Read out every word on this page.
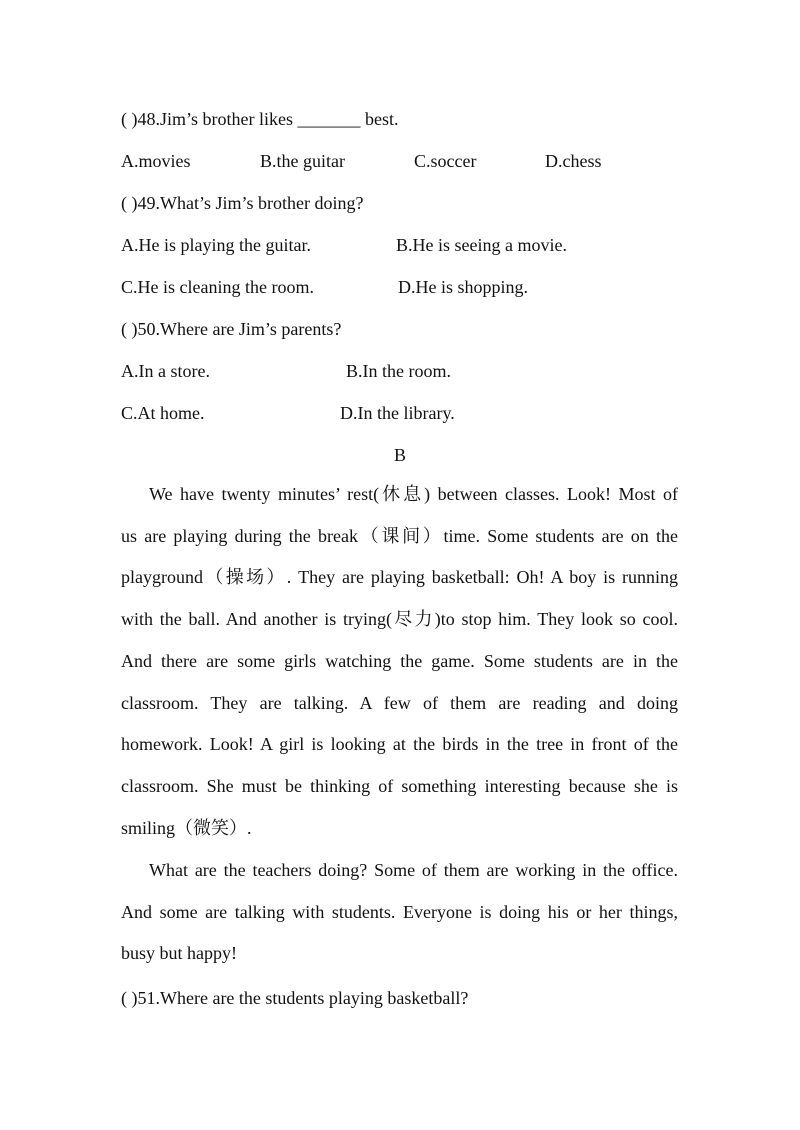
( )48.Jim’s brother likes _______ best.
A.movies	B.the guitar	C.soccer	D.chess
( )49.What’s Jim’s brother doing?
A.He is playing the guitar.	B.He is seeing a movie.
C.He is cleaning the room.	D.He is shopping.
( )50.Where are Jim’s parents?
A.In a store.	B.In the room.
C.At home.	D.In the library.
B
We have twenty minutes’ rest(休息) between classes. Look! Most of
us are playing during the break（课间）time. Some students are on the
playground（操场）. They are playing basketball: Oh! A boy is running
with the ball. And another is trying(尽力)to stop him. They look so cool.
And there are some girls watching the game. Some students are in the
classroom. They are talking. A few of them are reading and doing
homework. Look! A girl is looking at the birds in the tree in front of the
classroom. She must be thinking of something interesting because she is
smiling（微笑）.
What are the teachers doing? Some of them are working in the office.
And some are talking with students. Everyone is doing his or her things,
busy but happy!
( )51.Where are the students playing basketball?
